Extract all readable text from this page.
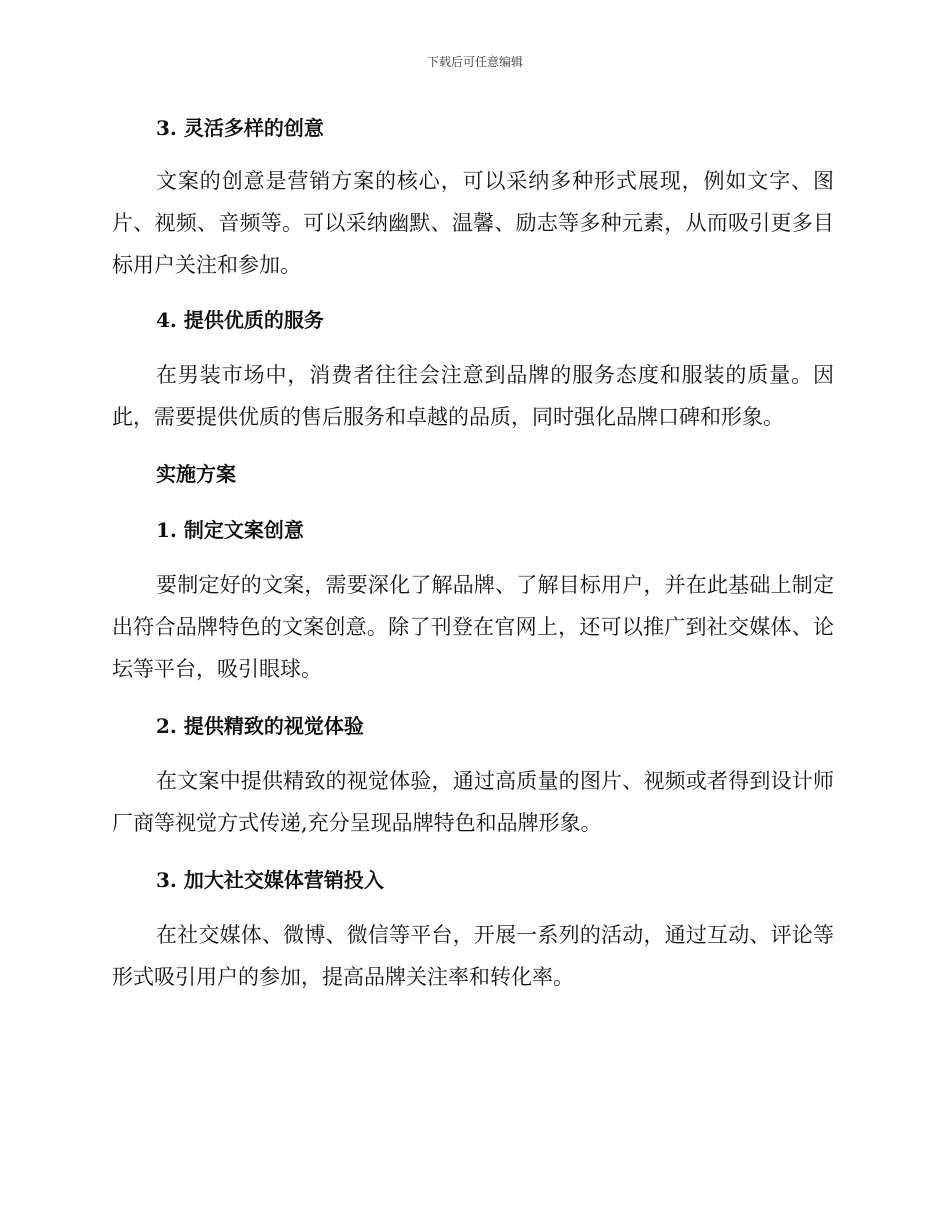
下载后可任意编辑
3. 灵活多样的创意

文案的创意是营销方案的核心，可以采纳多种形式展现，例如文字、图片、视频、音频等。可以采纳幽默、温馨、励志等多种元素，从而吸引更多目标用户关注和参加。

4. 提供优质的服务

在男装市场中，消费者往往会注意到品牌的服务态度和服装的质量。因此，需要提供优质的售后服务和卓越的品质，同时强化品牌口碑和形象。

实施方案
1. 制定文案创意

要制定好的文案，需要深化了解品牌、了解目标用户，并在此基础上制定出符合品牌特色的文案创意。除了刊登在官网上，还可以推广到社交媒体、论坛等平台，吸引眼球。

2. 提供精致的视觉体验

在文案中提供精致的视觉体验，通过高质量的图片、视频或者得到设计师厂商等视觉方式传递,充分呈现品牌特色和品牌形象。

3. 加大社交媒体营销投入

在社交媒体、微博、微信等平台，开展一系列的活动，通过互动、评论等形式吸引用户的参加，提高品牌关注率和转化率。
